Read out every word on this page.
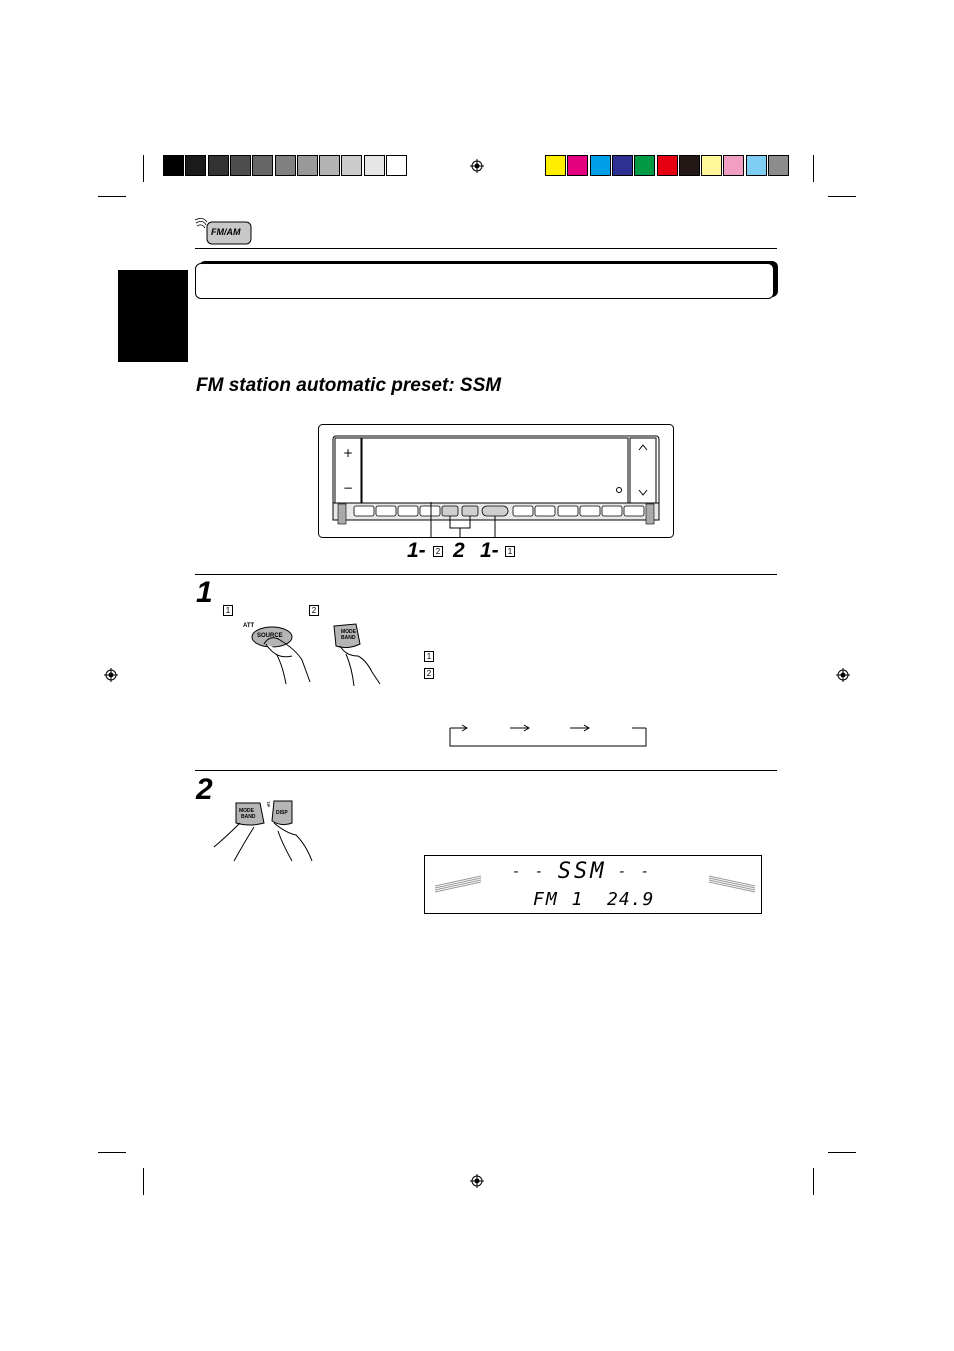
FM/AM
FM station automatic preset: SSM
+
−
1-	2 2 1-	1
1
1	2
ATT
SOURCE
MODE
BAND
1
2
2
MODE
BAND
T/P
DISP
- - SSM - -
FM 1 24.9
